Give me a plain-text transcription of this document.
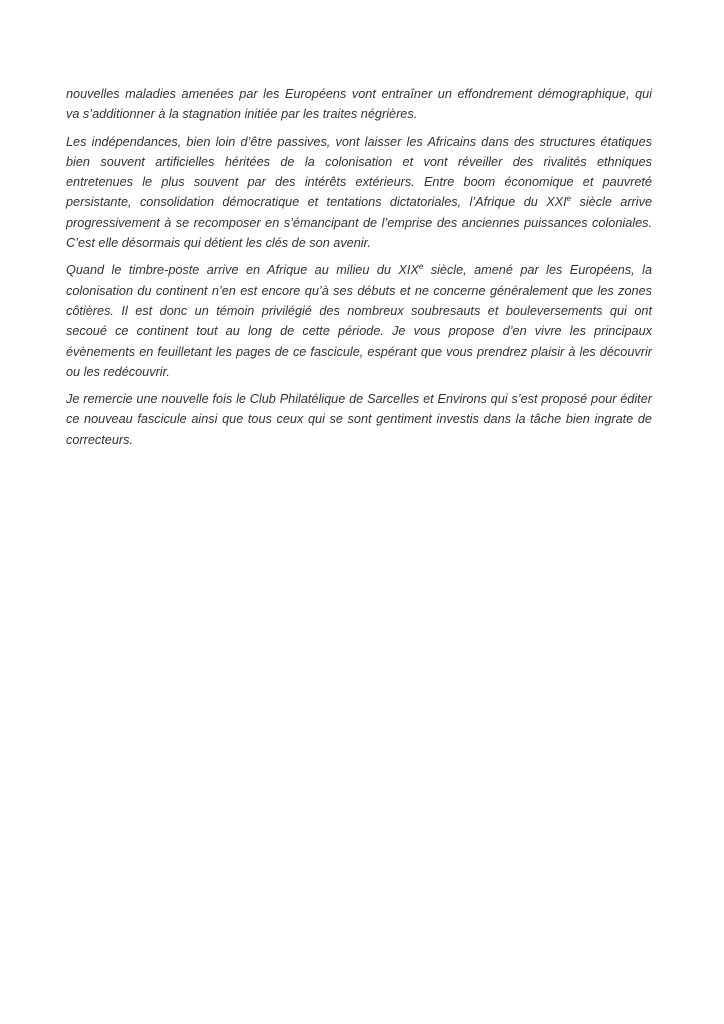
nouvelles maladies amenées par les Européens vont entraîner un effondrement démographique, qui
va s’additionner à la stagnation initiée par les traites négrières.

Les indépendances, bien loin d’être passives, vont laisser les Africains dans des structures étatiques
bien souvent artificielles héritées de la colonisation et vont réveiller des rivalités ethniques
entretenues le plus souvent par des intérêts extérieurs. Entre boom économique et pauvreté
persistante, consolidation démocratique et tentations dictatoriales, l’Afrique du XXIe siècle arrive
progressivement à se recomposer en s’émancipant de l’emprise des anciennes puissances coloniales.
C’est elle désormais qui détient les clés de son avenir.

Quand le timbre-poste arrive en Afrique au milieu du XIXe siècle, amené par les Européens, la
colonisation du continent n’en est encore qu’à ses débuts et ne concerne généralement que les zones
côtières. Il est donc un témoin privilégié des nombreux soubresauts et bouleversements qui ont
secoué ce continent tout au long de cette période. Je vous propose d’en vivre les principaux
évènements en feuilletant les pages de ce fascicule, espérant que vous prendrez plaisir à les découvrir
ou les redécouvrir.

Je remercie une nouvelle fois le Club Philatélique de Sarcelles et Environs qui s’est proposé pour éditer
ce nouveau fascicule ainsi que tous ceux qui se sont gentiment investis dans la tâche bien ingrate de
correcteurs.
